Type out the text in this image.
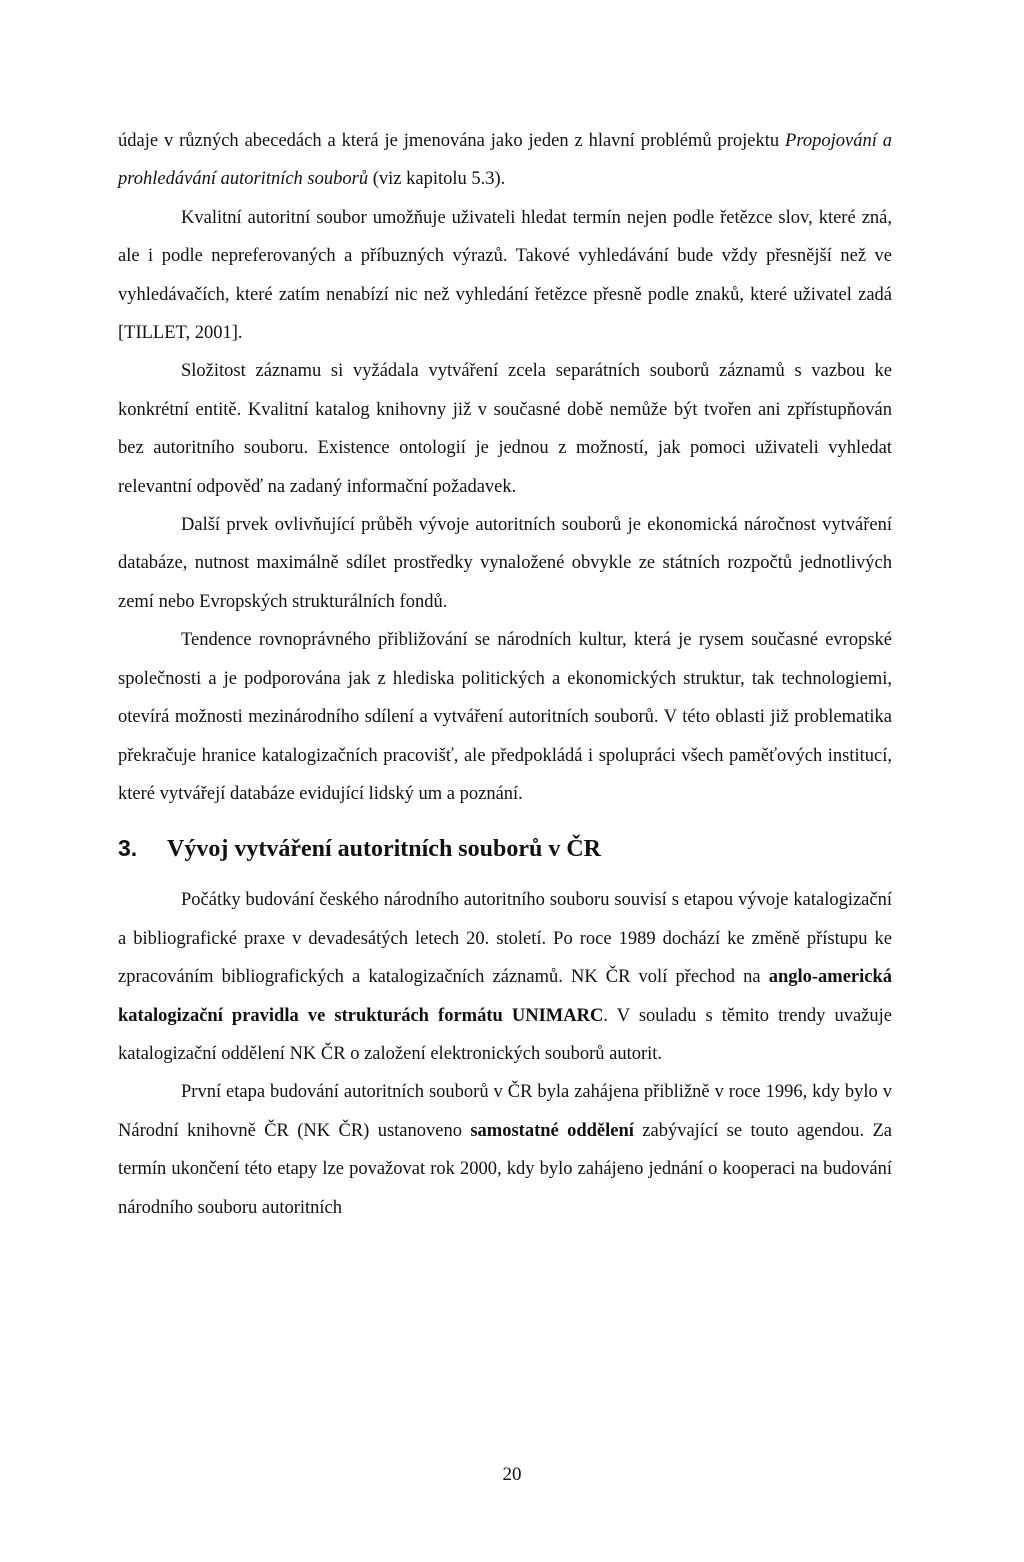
údaje v různých abecedách a která je jmenována jako jeden z hlavní problémů projektu Propojování a prohledávání autoritních souborů (viz kapitolu 5.3).

Kvalitní autoritní soubor umožňuje uživateli hledat termín nejen podle řetězce slov, které zná, ale i podle nepreferovaných a příbuzných výrazů. Takové vyhledávání bude vždy přesnější než ve vyhledávačích, které zatím nenabízí nic než vyhledání řetězce přesně podle znaků, které uživatel zadá [TILLET, 2001].

Složitost záznamu si vyžádala vytváření zcela separátních souborů záznamů s vazbou ke konkrétní entitě. Kvalitní katalog knihovny již v současné době nemůže být tvořen ani zpřístupňován bez autoritního souboru. Existence ontologií je jednou z možností, jak pomoci uživateli vyhledat relevantní odpověď na zadaný informační požadavek.

Další prvek ovlivňující průběh vývoje autoritních souborů je ekonomická náročnost vytváření databáze, nutnost maximálně sdílet prostředky vynaložené obvykle ze státních rozpočtů jednotlivých zemí nebo Evropských strukturálních fondů.

Tendence rovnoprávného přibližování se národních kultur, která je rysem současné evropské společnosti a je podporována jak z hlediska politických a ekonomických struktur, tak technologiemi, otevírá možnosti mezinárodního sdílení a vytváření autoritních souborů. V této oblasti již problematika překračuje hranice katalogizačních pracovišť, ale předpokládá i spolupráci všech paměťových institucí, které vytvářejí databáze evidující lidský um a poznání.

3.	Vývoj vytváření autoritních souborů v ČR

Počátky budování českého národního autoritního souboru souvisí s etapou vývoje katalogizační a bibliografické praxe v devadesátých letech 20. století. Po roce 1989 dochází ke změně přístupu ke zpracováním bibliografických a katalogizačních záznamů. NK ČR volí přechod na anglo-americká katalogizační pravidla ve strukturách formátu UNIMARC. V souladu s těmito trendy uvažuje katalogizační oddělení NK ČR o založení elektronických souborů autorit.

První etapa budování autoritních souborů v ČR byla zahájena přibližně v roce 1996, kdy bylo v Národní knihovně ČR (NK ČR) ustanoveno samostatné oddělení zabývající se touto agendou. Za termín ukončení této etapy lze považovat rok 2000, kdy bylo zahájeno jednání o kooperaci na budování národního souboru autoritních

20
